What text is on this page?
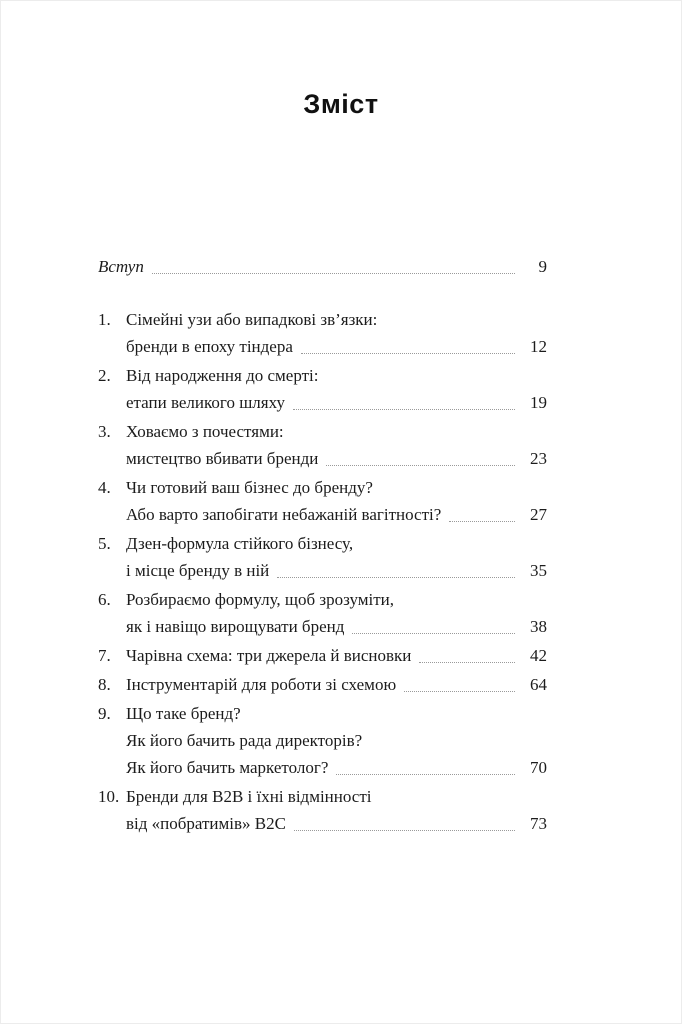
Зміст
Вступ	9
1. Сімейні узи або випадкові зв’язки:
бренди в епоху тіндера	12
2. Від народження до смерті:
етапи великого шляху	19
3. Ховаємо з почестями:
мистецтво вбивати бренди	23
4. Чи готовий ваш бізнес до бренду?
Або варто запобігати небажаній вагітності?	27
5. Дзен-формула стійкого бізнесу,
і місце бренду в ній	35
6. Розбираємо формулу, щоб зрозуміти,
як і навіщо вирощувати бренд	38
7. Чарівна схема: три джерела й висновки	42
8. Інструментарій для роботи зі схемою	64
9. Що таке бренд?
Як його бачить рада директорів?
Як його бачить маркетолог?	70
10. Бренди для B2B і їхні відмінності
від «побратимів» B2C	73
